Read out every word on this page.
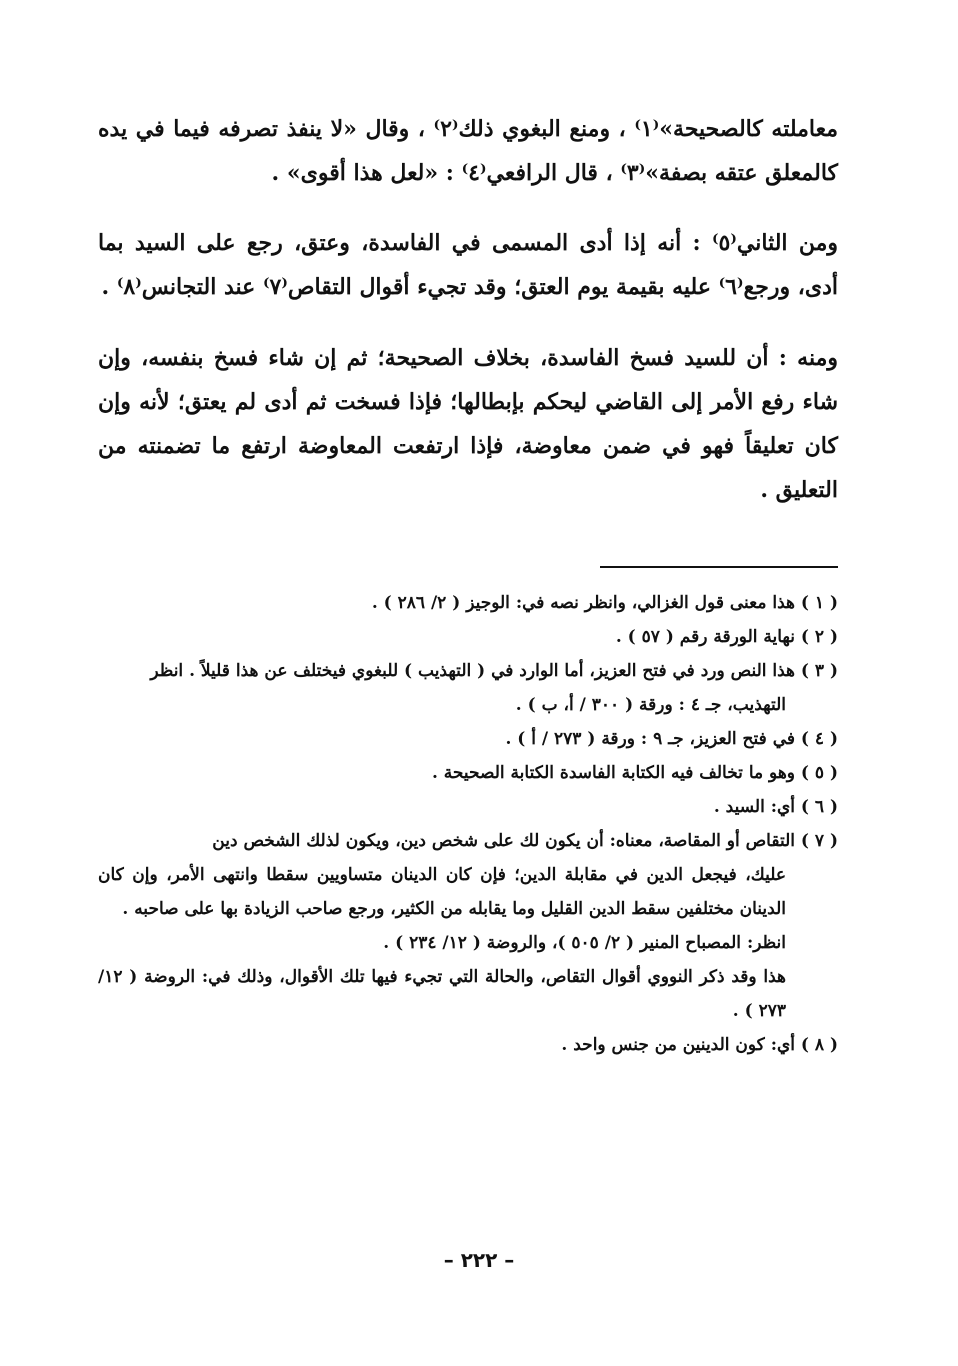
معاملته كالصحيحة»⁽١⁾ ، ومنع البغوي ذلك⁽٢⁾ ، وقال «لا ينفذ تصرفه فيما في يده كالمعلق عتقه بصفة»⁽٣⁾ ، قال الرافعي⁽٤⁾ : «لعل هذا أقوى» .

ومن الثاني⁽٥⁾ : أنه إذا أدى المسمى في الفاسدة، وعتق، رجع على السيد بما أدى، ورجع⁽٦⁾ عليه بقيمة يوم العتق؛ وقد تجيء أقوال التقاص⁽٧⁾ عند التجانس⁽٨⁾ .

ومنه : أن للسيد فسخ الفاسدة، بخلاف الصحيحة؛ ثم إن شاء فسخ بنفسه، وإن شاء رفع الأمر إلى القاضي ليحكم بإبطالها؛ فإذا فسخت ثم أدى لم يعتق؛ لأنه وإن كان تعليقاً فهو في ضمن معاوضة، فإذا ارتفعت المعاوضة ارتفع ما تضمنته من التعليق .

( ١ ) هذا معنى قول الغزالي، وانظر نصه في: الوجيز ( ٢/ ٢٨٦ ) .
( ٢ ) نهاية الورقة رقم ( ٥٧ ) .
( ٣ ) هذا النص ورد في فتح العزيز، أما الوارد في ( التهذيب ) للبغوي فيختلف عن هذا قليلاً . انظر
التهذيب، جـ ٤ : ورقة ( ٣٠٠ / أ، ب ) .
( ٤ ) في فتح العزيز، جـ ٩ : ورقة ( ٢٧٣ / أ ) .
( ٥ ) وهو ما تخالف فيه الكتابة الفاسدة الكتابة الصحيحة .
( ٦ ) أي: السيد .
( ٧ ) التقاص أو المقاصة، معناه: أن يكون لك على شخص دين، ويكون لذلك الشخص دين
عليك، فيجعل الدين في مقابلة الدين؛ فإن كان الدينان متساويين سقطا وانتهى الأمر، وإن كان الدينان مختلفين سقط الدين القليل وما يقابله من الكثير، ورجع صاحب الزيادة بها على صاحبه .
انظر: المصباح المنير ( ٢/ ٥٠٥ )، والروضة ( ١٢/ ٢٣٤ ) .
هذا وقد ذكر النووي أقوال التقاص، والحالة التي تجيء فيها تلك الأقوال، وذلك في: الروضة ( ١٢/ ٢٧٣ ) .
( ٨ ) أي: كون الدينين من جنس واحد .
– ٢٢٢ –
